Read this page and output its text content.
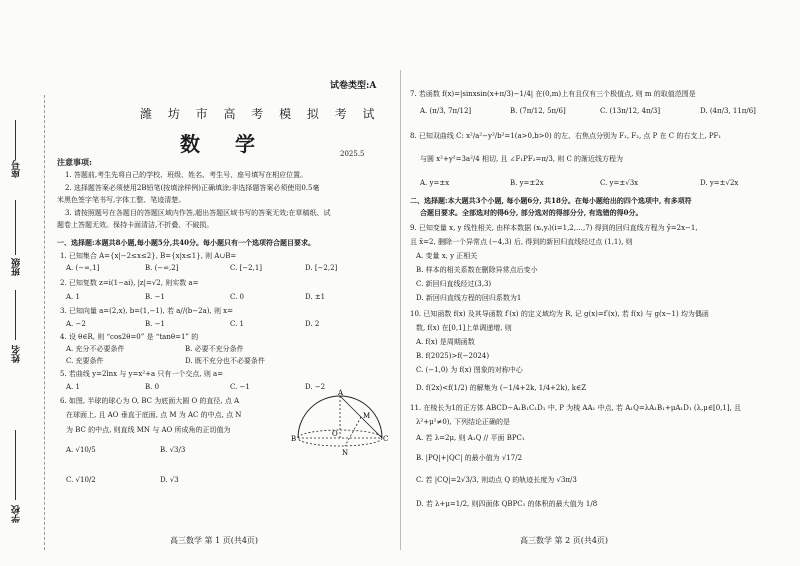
座号
班级
姓名
学校
试卷类型:A
潍 坊 市 高 考 模 拟 考 试
数 学	2025.5
注意事项:
1. 答题前,考生先将自己的学校、班级、姓名、考生号、座号填写在相应位置。
2. 选择题答案必须使用2B铅笔(按填涂样例)正确填涂;非选择题答案必须使用0.5毫
米黑色签字笔书写,字体工整、笔迹清楚。
3. 请按照题号在各题目的答题区域内作答,超出答题区域书写的答案无效;在草稿纸、试
题卷上答题无效。保持卡面清洁,不折叠、不破损。
一、选择题:本题共8小题,每小题5分,共40分。每小题只有一个选项符合题目要求。
1. 已知集合 A={x|−2≤x≤2}, B={x|x≤1}, 则 A∪B=
A. (−∞,1]	B. (−∞,2]	C. [−2,1]	D. [−2,2]
2. 已知复数 z=i(1−ai), |z|=√2, 则实数 a=
A. 1	B. −1	C. 0	D. ±1
3. 已知向量 a=(2,x), b=(1,−1), 若 a//(b−2a), 则 x=
A. −2	B. −1	C. 1	D. 2
4. 设 θ∈R, 则 “cos2θ=0” 是 “tanθ=1” 的
A. 充分不必要条件	B. 必要不充分条件
C. 充要条件	D. 既不充分也不必要条件
5. 若曲线 y=2lnx 与 y=x²+a 只有一个交点, 则 a=
A. 1	B. 0	C. −1	D. −2
6. 如图, 半球的球心为 O, BC 为底面大圆 O 的直径, 点 A
在球面上, 且 AO 垂直于底面, 点 M 为 AC 的中点, 点 N
为 BC 的中点, 则直线 MN 与 AO 所成角的正切值为
A. √10/5	B. √3/3
C. √10/2	D. √3
A
B	C
M
N
O
7. 若函数 f(x)=|sinxsin(x+π/3)−1/4| 在(0,m)上有且仅有三个极值点, 则 m 的取值范围是
A. (π/3, 7π/12]	B. (7π/12, 5π/6]	C. (13π/12, 4π/3]	D. (4π/3, 11π/6]
8. 已知双曲线 C: x²/a²−y²/b²=1(a>0,b>0) 的左、右焦点分别为 F₁, F₂, 点 P 在 C 的右支上, PF₁
与圆 x²+y²=3a²/4 相切, 且 ∠F₁PF₂=π/3, 则 C 的渐近线方程为
A. y=±x	B. y=±2x	C. y=±√3x	D. y=±√2x
二、选择题:本大题共3个小题, 每小题6分, 共18分。在每小题给出的四个选项中, 有多项符
合题目要求。全部选对的得6分, 部分选对的得部分分, 有选错的得0分。
9. 已知变量 x, y 线性相关, 由样本数据 (xᵢ,yᵢ)(i=1,2,…,7) 得到的回归直线方程为 ŷ=2x−1,
且 x̄=2, 删除一个异常点 (−4,3) 后, 得到的新回归直线经过点 (1,1), 则
A. 变量 x, y 正相关
B. 样本的相关系数在删除异常点后变小
C. 新回归直线经过(3,3)
D. 新回归直线方程的回归系数为1
10. 已知函数 f(x) 及其导函数 f′(x) 的定义域均为 R, 记 g(x)=f′(x), 若 f(x) 与 g(x−1) 均为偶函
数, f(x) 在[0,1]上单调递增, 则
A. f(x) 是周期函数
B. f(2025)>f(−2024)
C. (−1,0) 为 f(x) 图象的对称中心
D. f(2x)<f(1/2) 的解集为 (−1/4+2k, 1/4+2k), k∈Z
11. 在棱长为1的正方体 ABCD−A₁B₁C₁D₁ 中, P 为棱 AA₁ 中点, 若 A₁Q=λA₁B₁+μA₁D₁ (λ,μ∈[0,1], 且
λ²+μ²≠0), 下列结论正确的是
A. 若 λ=2μ, 则 A₁Q // 平面 BPC₁
B. |PQ|+|QC| 的最小值为 √17/2
C. 若 |CQ|=2√3/3, 则动点 Q 的轨迹长度为 √3π/3
D. 若 λ+μ=1/2, 则四面体 QBPC₁ 的体积的最大值为 1/8
高三数学 第 1 页(共4页)	高三数学 第 2 页(共4页)
